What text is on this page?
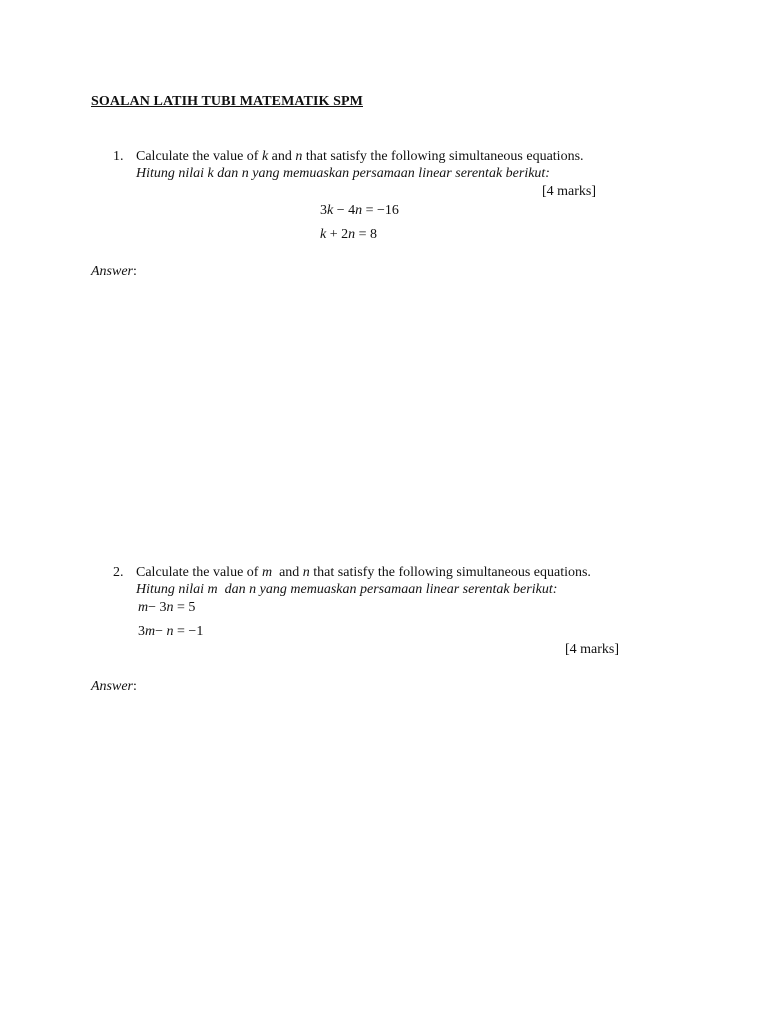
SOALAN LATIH TUBI MATEMATIK SPM
1. Calculate the value of k and n that satisfy the following simultaneous equations.
Hitung nilai k dan n yang memuaskan persamaan linear serentak berikut:
[4 marks]
3k − 4n = −16
k + 2n = 8
Answer:
2. Calculate the value of m  and n that satisfy the following simultaneous equations.
Hitung nilai m  dan n yang memuaskan persamaan linear serentak berikut:
m− 3n = 5
3m− n = −1
[4 marks]
Answer:
